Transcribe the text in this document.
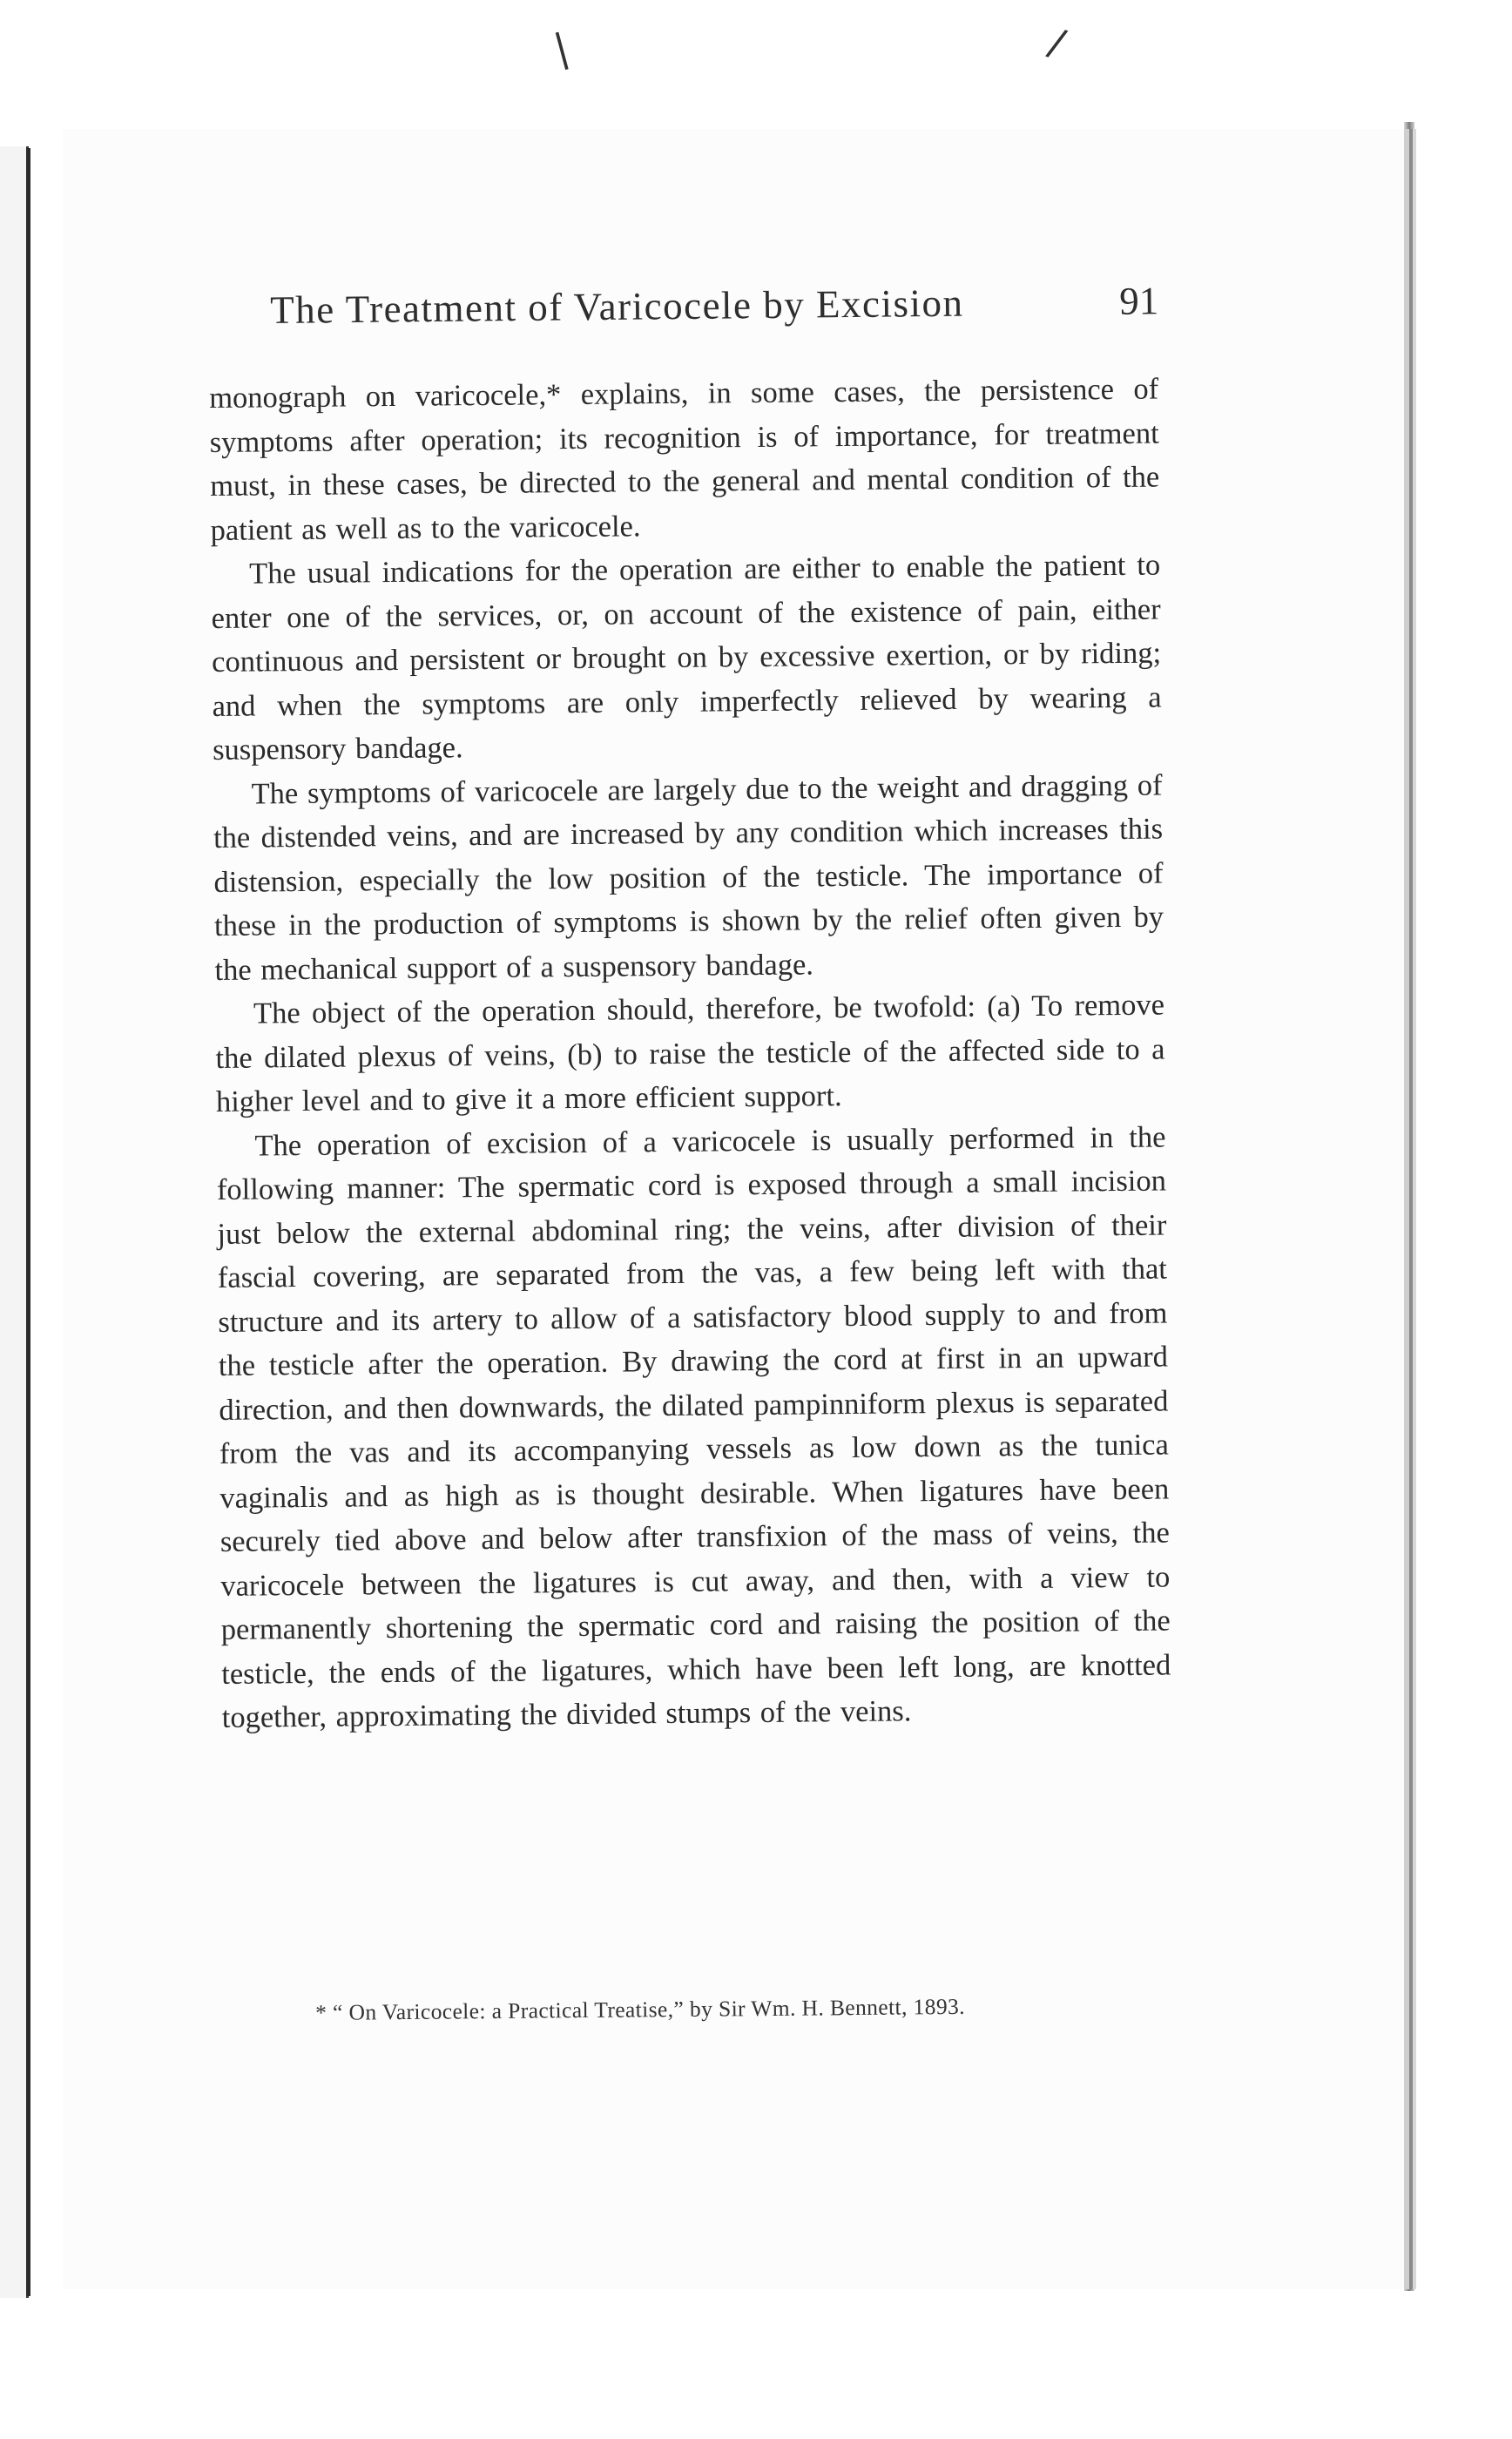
❘	/
The Treatment of Varicocele by Excision	91

monograph on varicocele,* explains, in some cases, the persistence of symptoms after operation; its recognition is of importance, for treatment must, in these cases, be directed to the general and mental condition of the patient as well as to the varicocele.

The usual indications for the operation are either to enable the patient to enter one of the services, or, on account of the existence of pain, either continuous and persistent or brought on by excessive exertion, or by riding; and when the symptoms are only imperfectly relieved by wearing a suspensory bandage.

The symptoms of varicocele are largely due to the weight and dragging of the distended veins, and are increased by any condition which increases this distension, especially the low position of the testicle. The importance of these in the production of symptoms is shown by the relief often given by the mechanical support of a suspensory bandage.

The object of the operation should, therefore, be twofold: (a) To remove the dilated plexus of veins, (b) to raise the testicle of the affected side to a higher level and to give it a more efficient support.

The operation of excision of a varicocele is usually performed in the following manner: The spermatic cord is exposed through a small incision just below the external abdominal ring; the veins, after division of their fascial covering, are separated from the vas, a few being left with that structure and its artery to allow of a satisfactory blood supply to and from the testicle after the operation. By drawing the cord at first in an upward direction, and then downwards, the dilated pampinniform plexus is separated from the vas and its accompanying vessels as low down as the tunica vaginalis and as high as is thought desirable. When ligatures have been securely tied above and below after transfixion of the mass of veins, the varicocele between the ligatures is cut away, and then, with a view to permanently shortening the spermatic cord and raising the position of the testicle, the ends of the ligatures, which have been left long, are knotted together, approximating the divided stumps of the veins.

* “ On Varicocele: a Practical Treatise,” by Sir Wm. H. Bennett, 1893.
